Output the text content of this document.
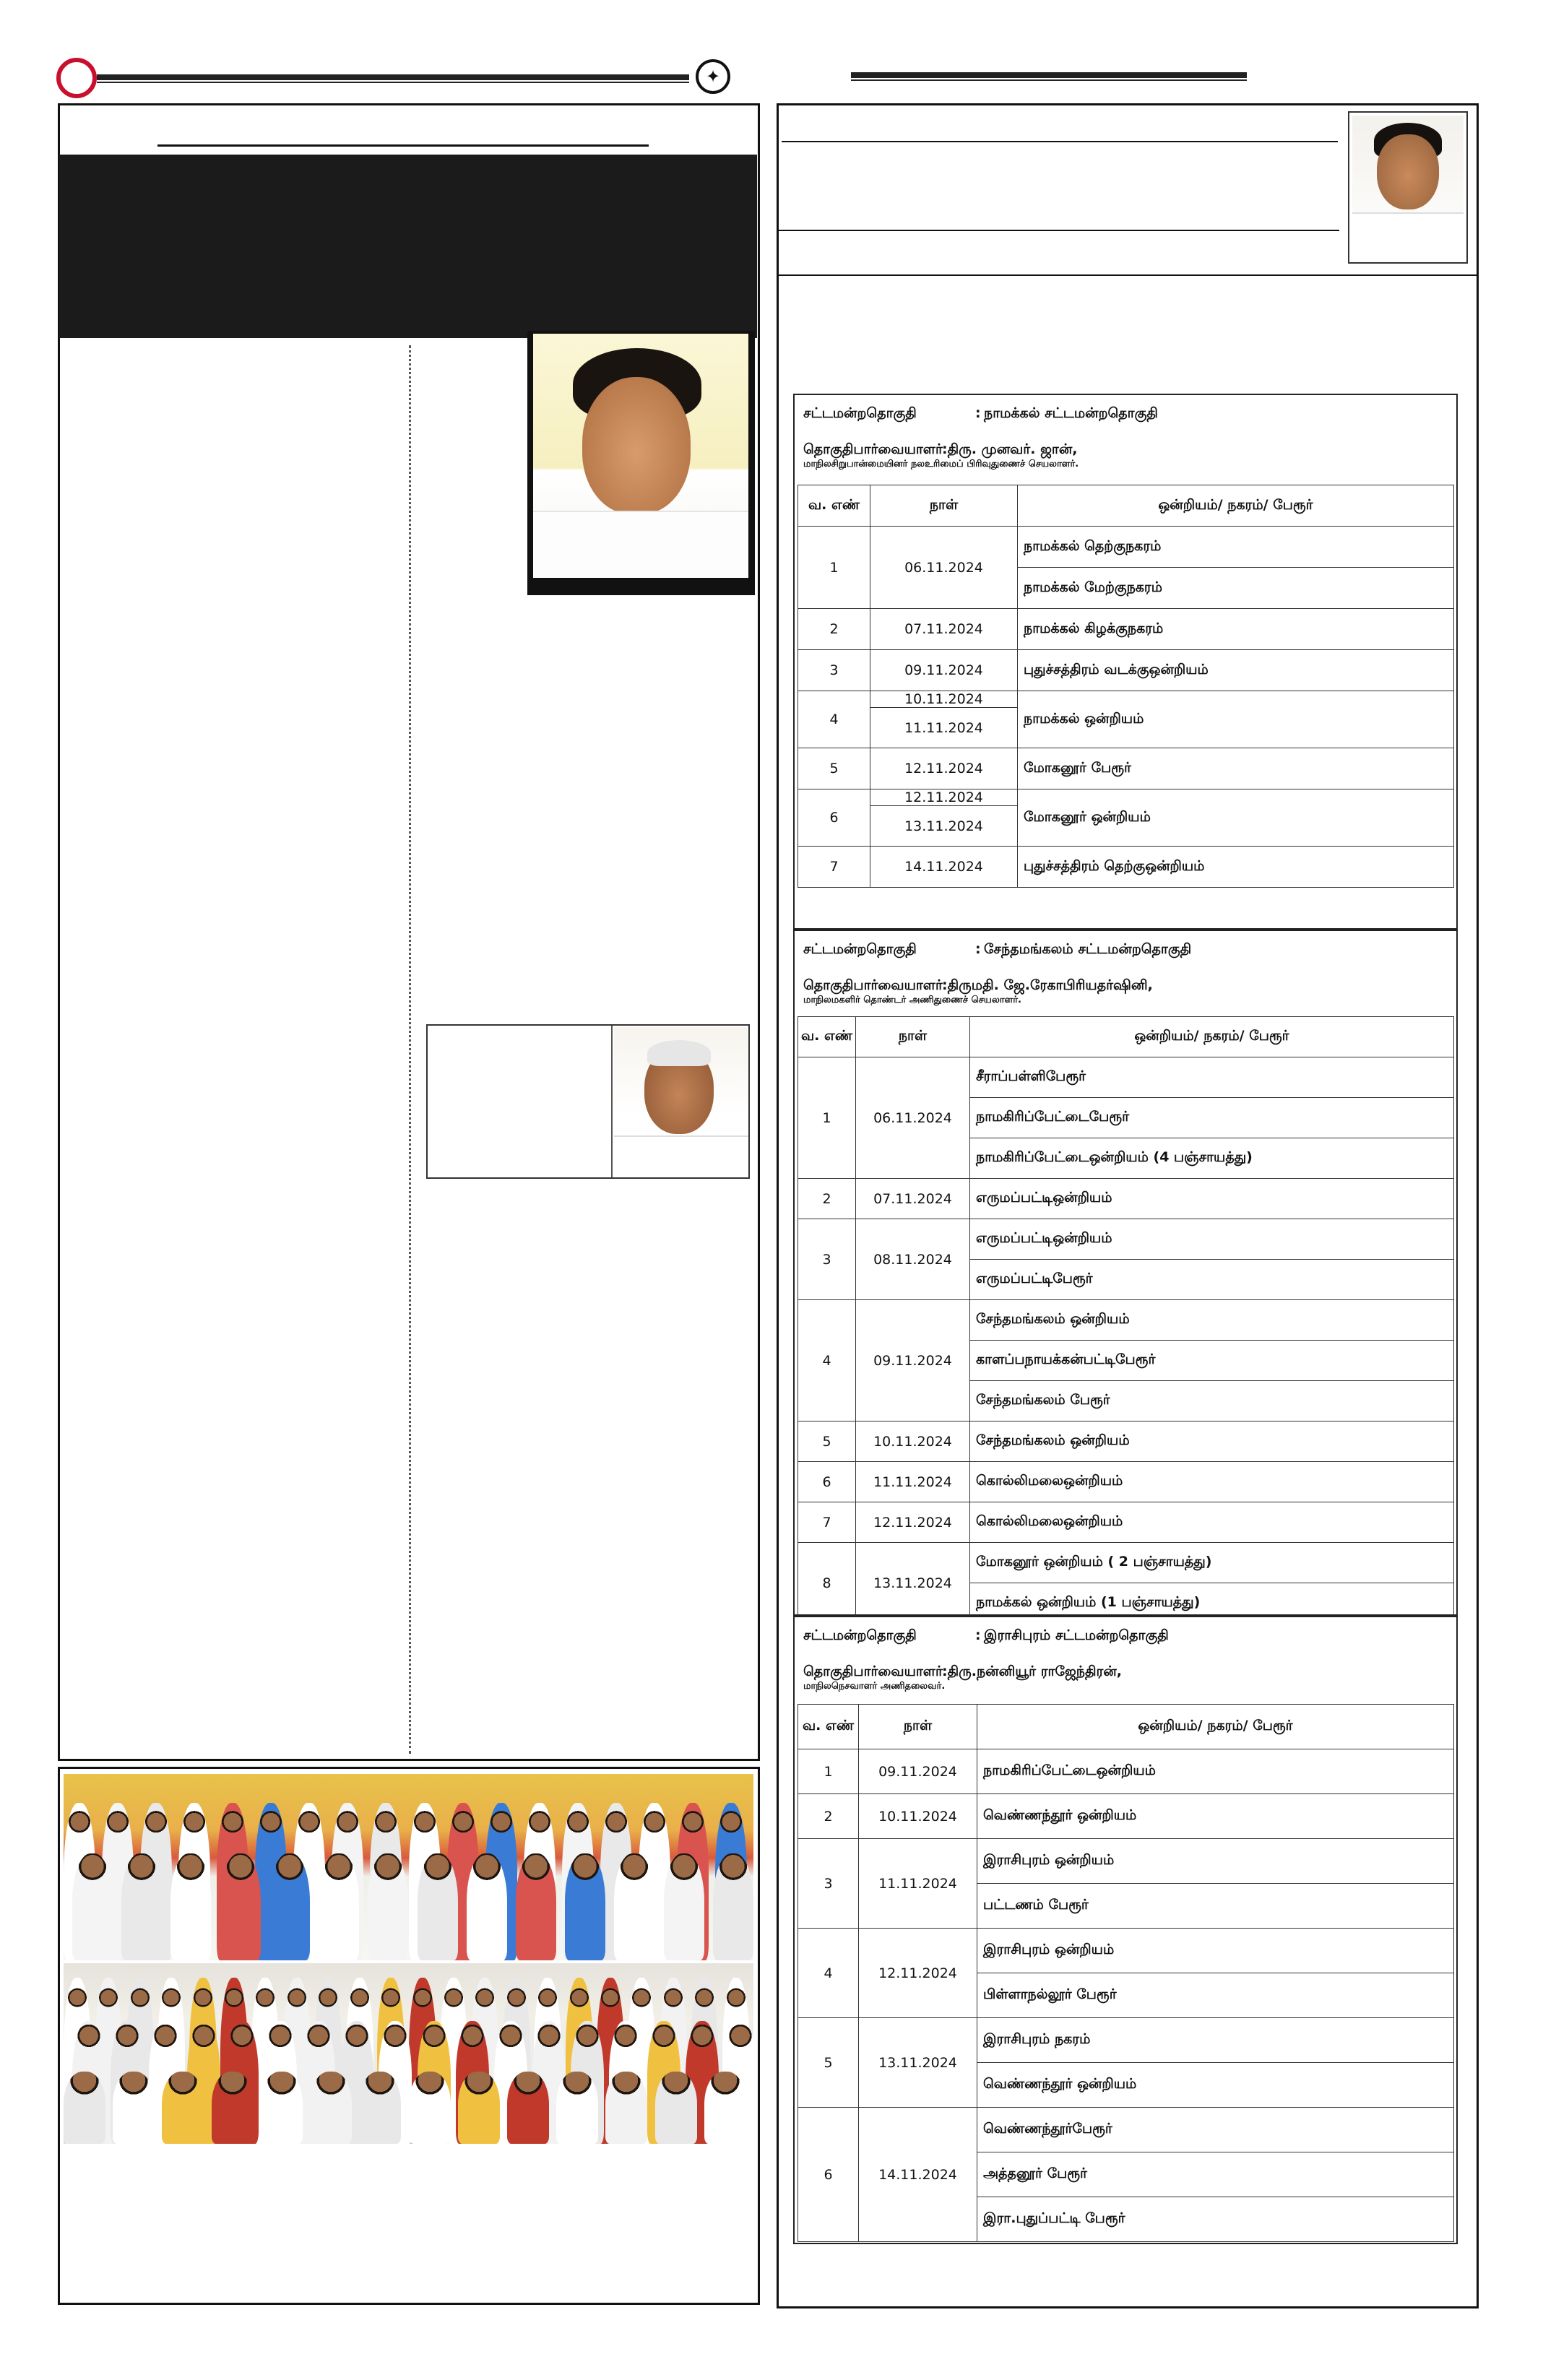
✦
சட்டமன்றதொகுதி	: நாமக்கல் சட்டமன்றதொகுதி
தொகுதிபார்வையாளர் :திரு. முனவர். ஜான்,
மாநிலசிறுபான்மையினர் நலஉரிமைப் பிரிவுதுணைச் செயலாளர்.
வ. எண்	நாள்	ஒன்றியம்/ நகரம்/ பேரூர்
1	06.11.2024	நாமக்கல் தெற்குநகரம்
		நாமக்கல் மேற்குநகரம்
2	07.11.2024	நாமக்கல் கிழக்குநகரம்
3	09.11.2024	புதுச்சத்திரம் வடக்குஒன்றியம்
4	10.11.2024	நாமக்கல் ஒன்றியம்
	11.11.2024	
5	12.11.2024	மோகனூர் பேரூர்
6	12.11.2024	மோகனூர் ஒன்றியம்
	13.11.2024	
7	14.11.2024	புதுச்சத்திரம் தெற்குஒன்றியம்
சட்டமன்றதொகுதி	: சேந்தமங்கலம் சட்டமன்றதொகுதி
தொகுதிபார்வையாளர் :திருமதி. ஜே.ரேகாபிரியதர்ஷினி,
மாநிலமகளிர் தொண்டர் அணிதுணைச் செயலாளர்.
வ. எண்	நாள்	ஒன்றியம்/ நகரம்/ பேரூர்
1	06.11.2024	சீராப்பள்ளிபேரூர்
		நாமகிரிப்பேட்டைபேரூர்
		நாமகிரிப்பேட்டைஒன்றியம் (4 பஞ்சாயத்து)
2	07.11.2024	எருமப்பட்டிஒன்றியம்
3	08.11.2024	எருமப்பட்டிஒன்றியம்
		எருமப்பட்டிபேரூர்
4	09.11.2024	சேந்தமங்கலம் ஒன்றியம்
		காளப்பநாயக்கன்பட்டிபேரூர்
		சேந்தமங்கலம் பேரூர்
5	10.11.2024	சேந்தமங்கலம் ஒன்றியம்
6	11.11.2024	கொல்லிமலைஒன்றியம்
7	12.11.2024	கொல்லிமலைஒன்றியம்
8	13.11.2024	மோகனூர் ஒன்றியம் ( 2 பஞ்சாயத்து)
		நாமக்கல் ஒன்றியம் (1 பஞ்சாயத்து)
சட்டமன்றதொகுதி	: இராசிபுரம் சட்டமன்றதொகுதி
தொகுதிபார்வையாளர் :திரு.நன்னியூர் ராஜேந்திரன்,
மாநிலநெசவாளர் அணிதலைவர்.
வ. எண்	நாள்	ஒன்றியம்/ நகரம்/ பேரூர்
1	09.11.2024	நாமகிரிப்பேட்டைஒன்றியம்
2	10.11.2024	வெண்ணந்தூர் ஒன்றியம்
3	11.11.2024	இராசிபுரம் ஒன்றியம்
		பட்டணம் பேரூர்
4	12.11.2024	இராசிபுரம் ஒன்றியம்
		பிள்ளாநல்லூர் பேரூர்
5	13.11.2024	இராசிபுரம் நகரம்
		வெண்ணந்தூர் ஒன்றியம்
6	14.11.2024	வெண்ணந்தூர்பேரூர்
		அத்தனூர் பேரூர்
		இரா.புதுப்பட்டி பேரூர்
